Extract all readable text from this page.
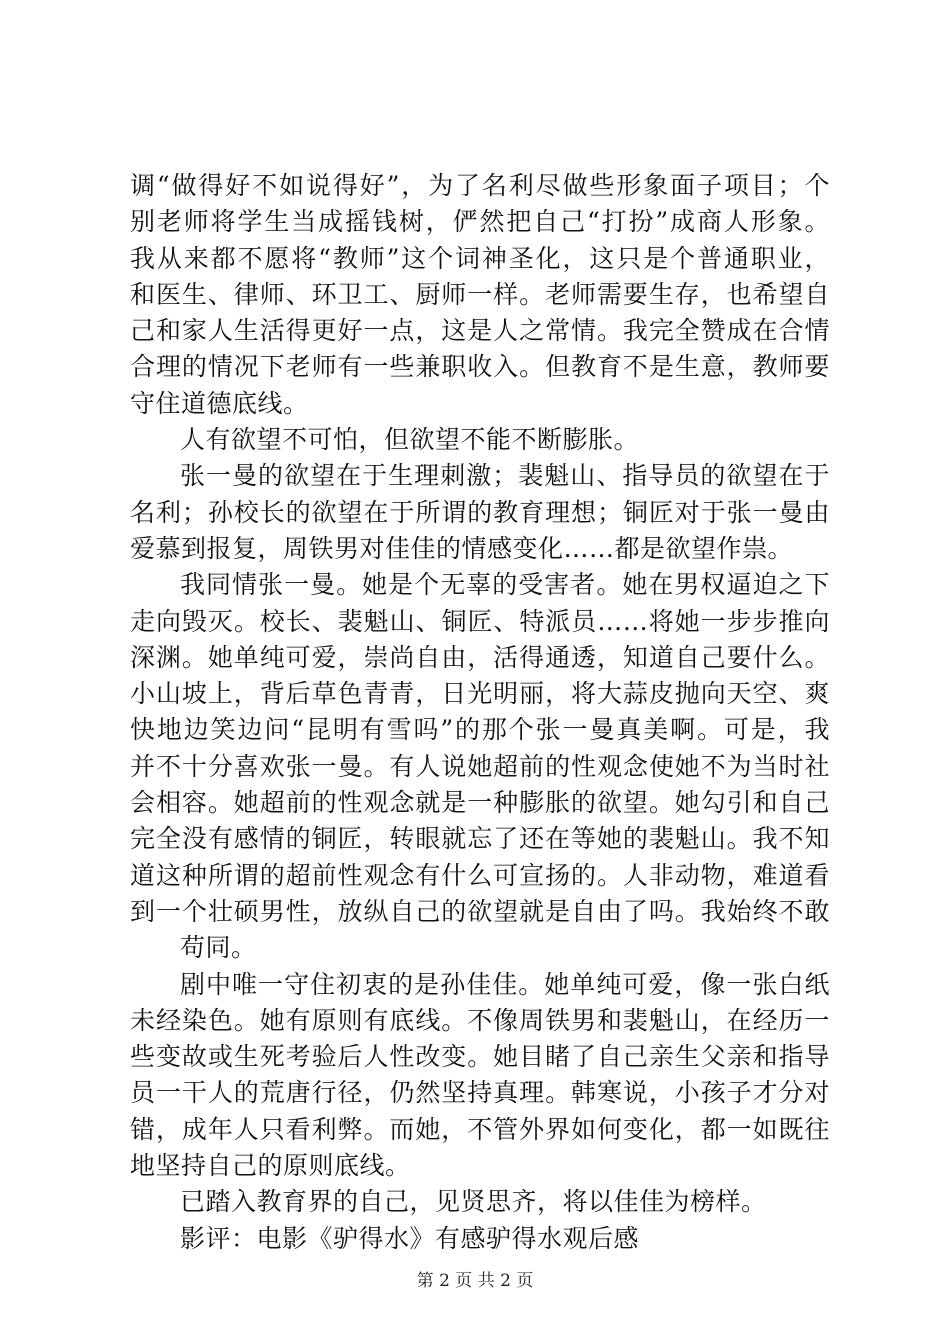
调“做得好不如说得好”，为了名利尽做些形象面子项目；个
别老师将学生当成摇钱树，俨然把自己“打扮”成商人形象。
我从来都不愿将“教师”这个词神圣化，这只是个普通职业，
和医生、律师、环卫工、厨师一样。老师需要生存，也希望自
己和家人生活得更好一点，这是人之常情。我完全赞成在合情
合理的情况下老师有一些兼职收入。但教育不是生意，教师要
守住道德底线。
人有欲望不可怕，但欲望不能不断膨胀。
张一曼的欲望在于生理刺激；裴魁山、指导员的欲望在于
名利；孙校长的欲望在于所谓的教育理想；铜匠对于张一曼由
爱慕到报复，周铁男对佳佳的情感变化……都是欲望作祟。
我同情张一曼。她是个无辜的受害者。她在男权逼迫之下
走向毁灭。校长、裴魁山、铜匠、特派员……将她一步步推向
深渊。她单纯可爱，崇尚自由，活得通透，知道自己要什么。
小山坡上，背后草色青青，日光明丽，将大蒜皮抛向天空、爽
快地边笑边问“昆明有雪吗”的那个张一曼真美啊。可是，我
并不十分喜欢张一曼。有人说她超前的性观念使她不为当时社
会相容。她超前的性观念就是一种膨胀的欲望。她勾引和自己
完全没有感情的铜匠，转眼就忘了还在等她的裴魁山。我不知
道这种所谓的超前性观念有什么可宣扬的。人非动物，难道看
到一个壮硕男性，放纵自己的欲望就是自由了吗。我始终不敢
苟同。
剧中唯一守住初衷的是孙佳佳。她单纯可爱，像一张白纸
未经染色。她有原则有底线。不像周铁男和裴魁山，在经历一
些变故或生死考验后人性改变。她目睹了自己亲生父亲和指导
员一干人的荒唐行径，仍然坚持真理。韩寒说，小孩子才分对
错，成年人只看利弊。而她，不管外界如何变化，都一如既往
地坚持自己的原则底线。
已踏入教育界的自己，见贤思齐，将以佳佳为榜样。
影评：电影《驴得水》有感驴得水观后感
第 2 页 共 2 页
